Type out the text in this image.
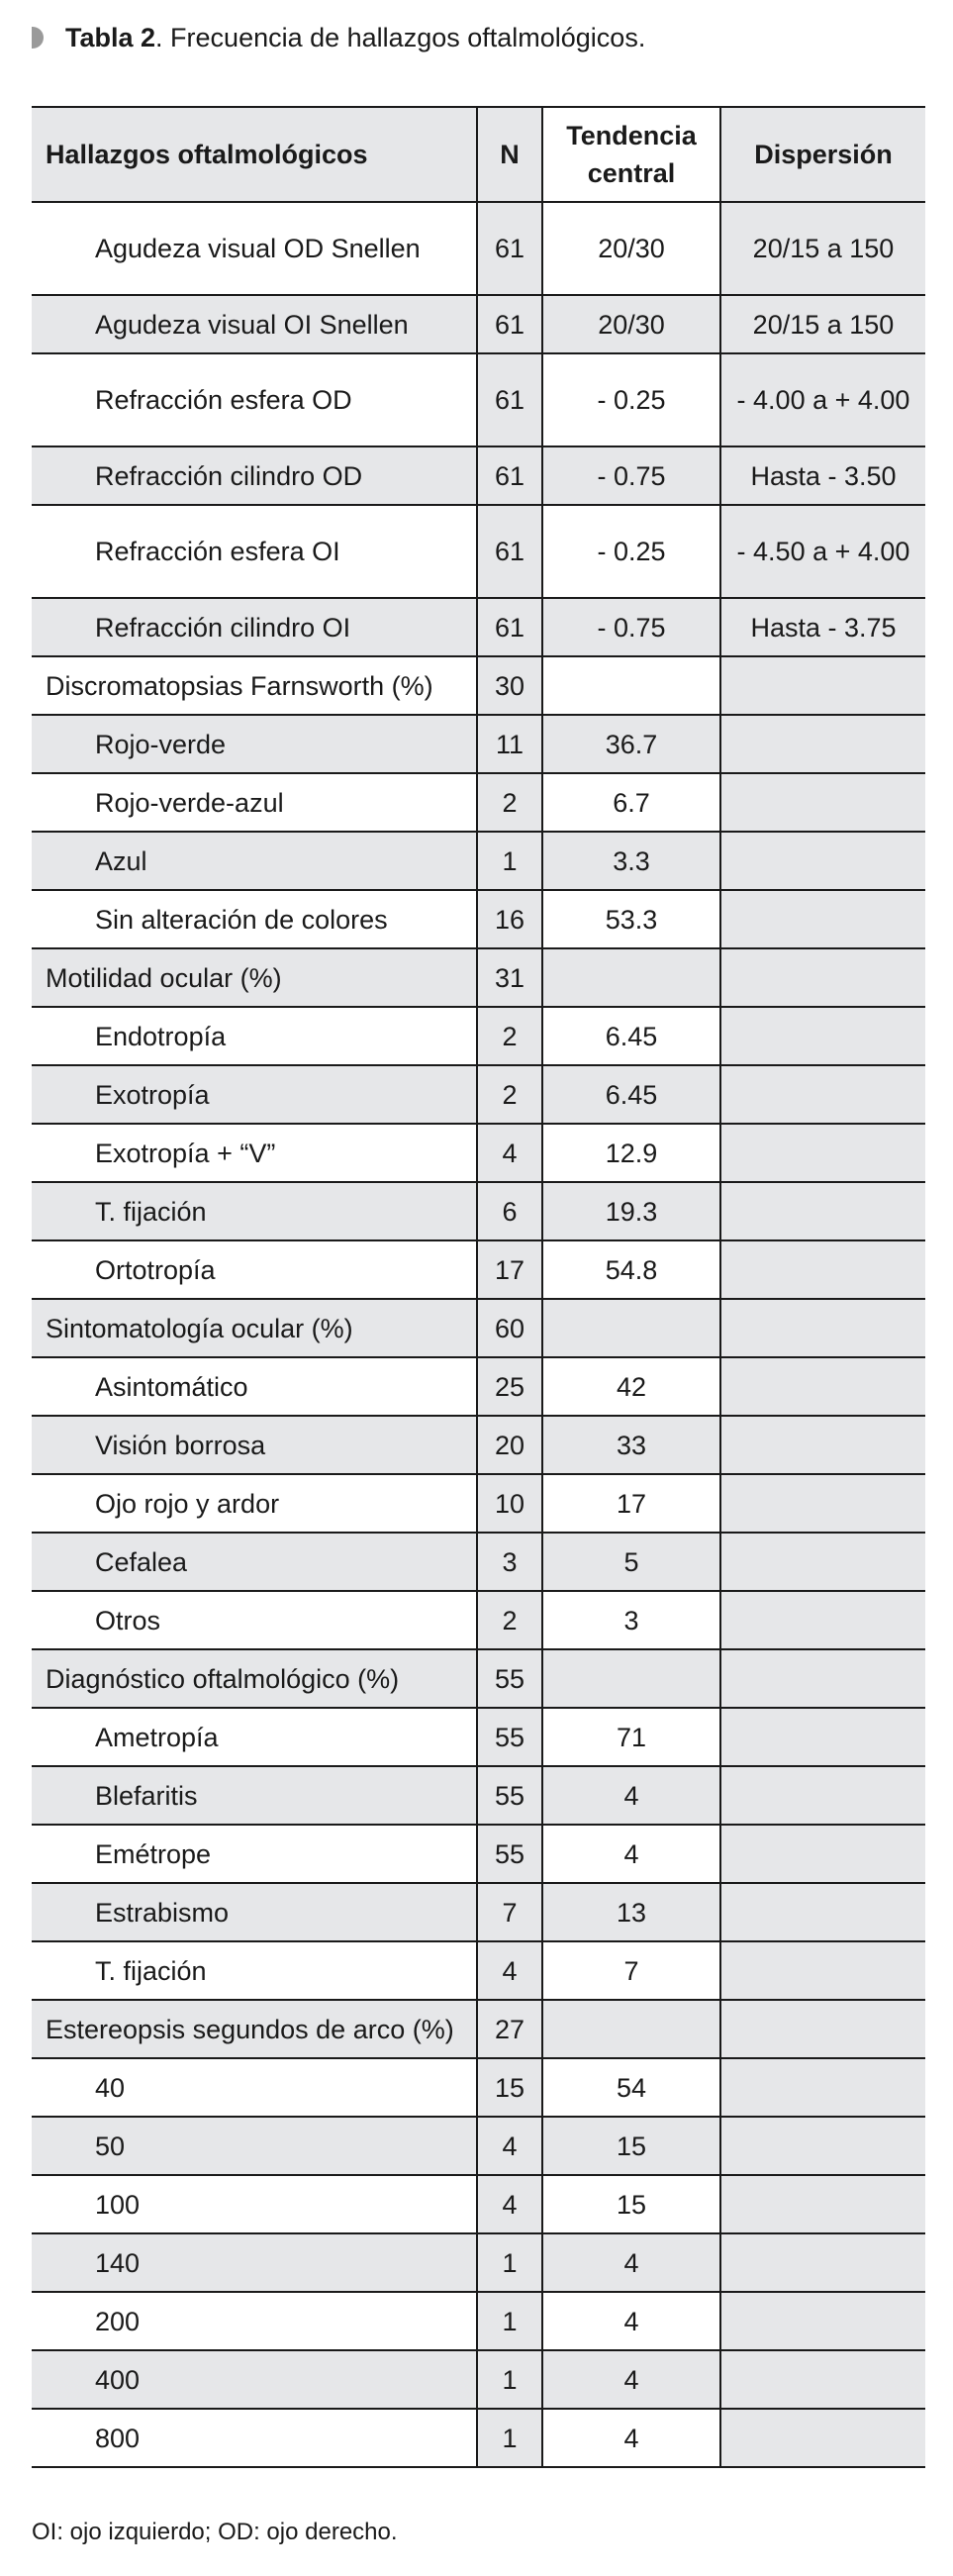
Tabla 2 . Frecuencia de hallazgos oftalmológicos.
Hallazgos oftalmológicos	N	Tendencia central	Dispersión
Agudeza visual OD Snellen	61	20/30	20/15 a 150
Agudeza visual OI Snellen	61	20/30	20/15 a 150
Refracción esfera OD	61	- 0.25	- 4.00 a + 4.00
Refracción cilindro OD	61	- 0.75	Hasta - 3.50
Refracción esfera OI	61	- 0.25	- 4.50 a + 4.00
Refracción cilindro OI	61	- 0.75	Hasta - 3.75
Discromatopsias Farnsworth (%)	30		
Rojo-verde	11	36.7	
Rojo-verde-azul	2	6.7	
Azul	1	3.3	
Sin alteración de colores	16	53.3	
Motilidad ocular (%)	31		
Endotropía	2	6.45	
Exotropía	2	6.45	
Exotropía + “V”	4	12.9	
T. fijación	6	19.3	
Ortotropía	17	54.8	
Sintomatología ocular (%)	60		
Asintomático	25	42	
Visión borrosa	20	33	
Ojo rojo y ardor	10	17	
Cefalea	3	5	
Otros	2	3	
Diagnóstico oftalmológico (%)	55		
Ametropía	55	71	
Blefaritis	55	4	
Emétrope	55	4	
Estrabismo	7	13	
T. fijación	4	7	
Estereopsis segundos de arco (%)	27		
40	15	54	
50	4	15	
100	4	15	
140	1	4	
200	1	4	
400	1	4	
800	1	4	
OI: ojo izquierdo; OD: ojo derecho.
